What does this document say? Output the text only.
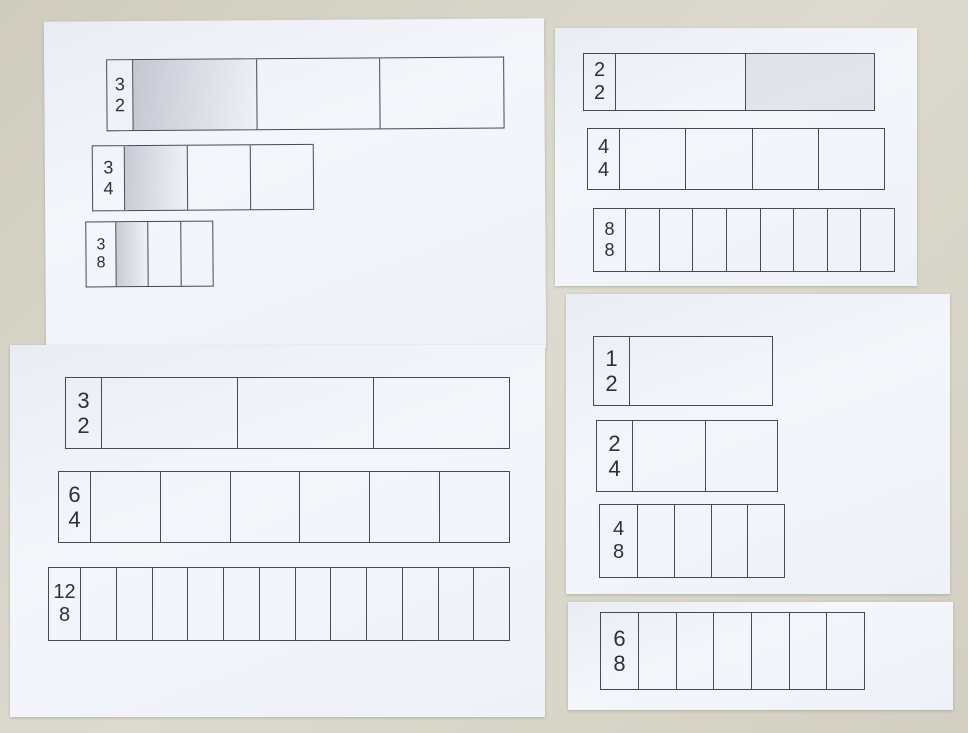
3
2
3
4
3
8
3
2
6
4
12
8
2
2
4
4
8
8
1
2
2
4
4
8
6
8
